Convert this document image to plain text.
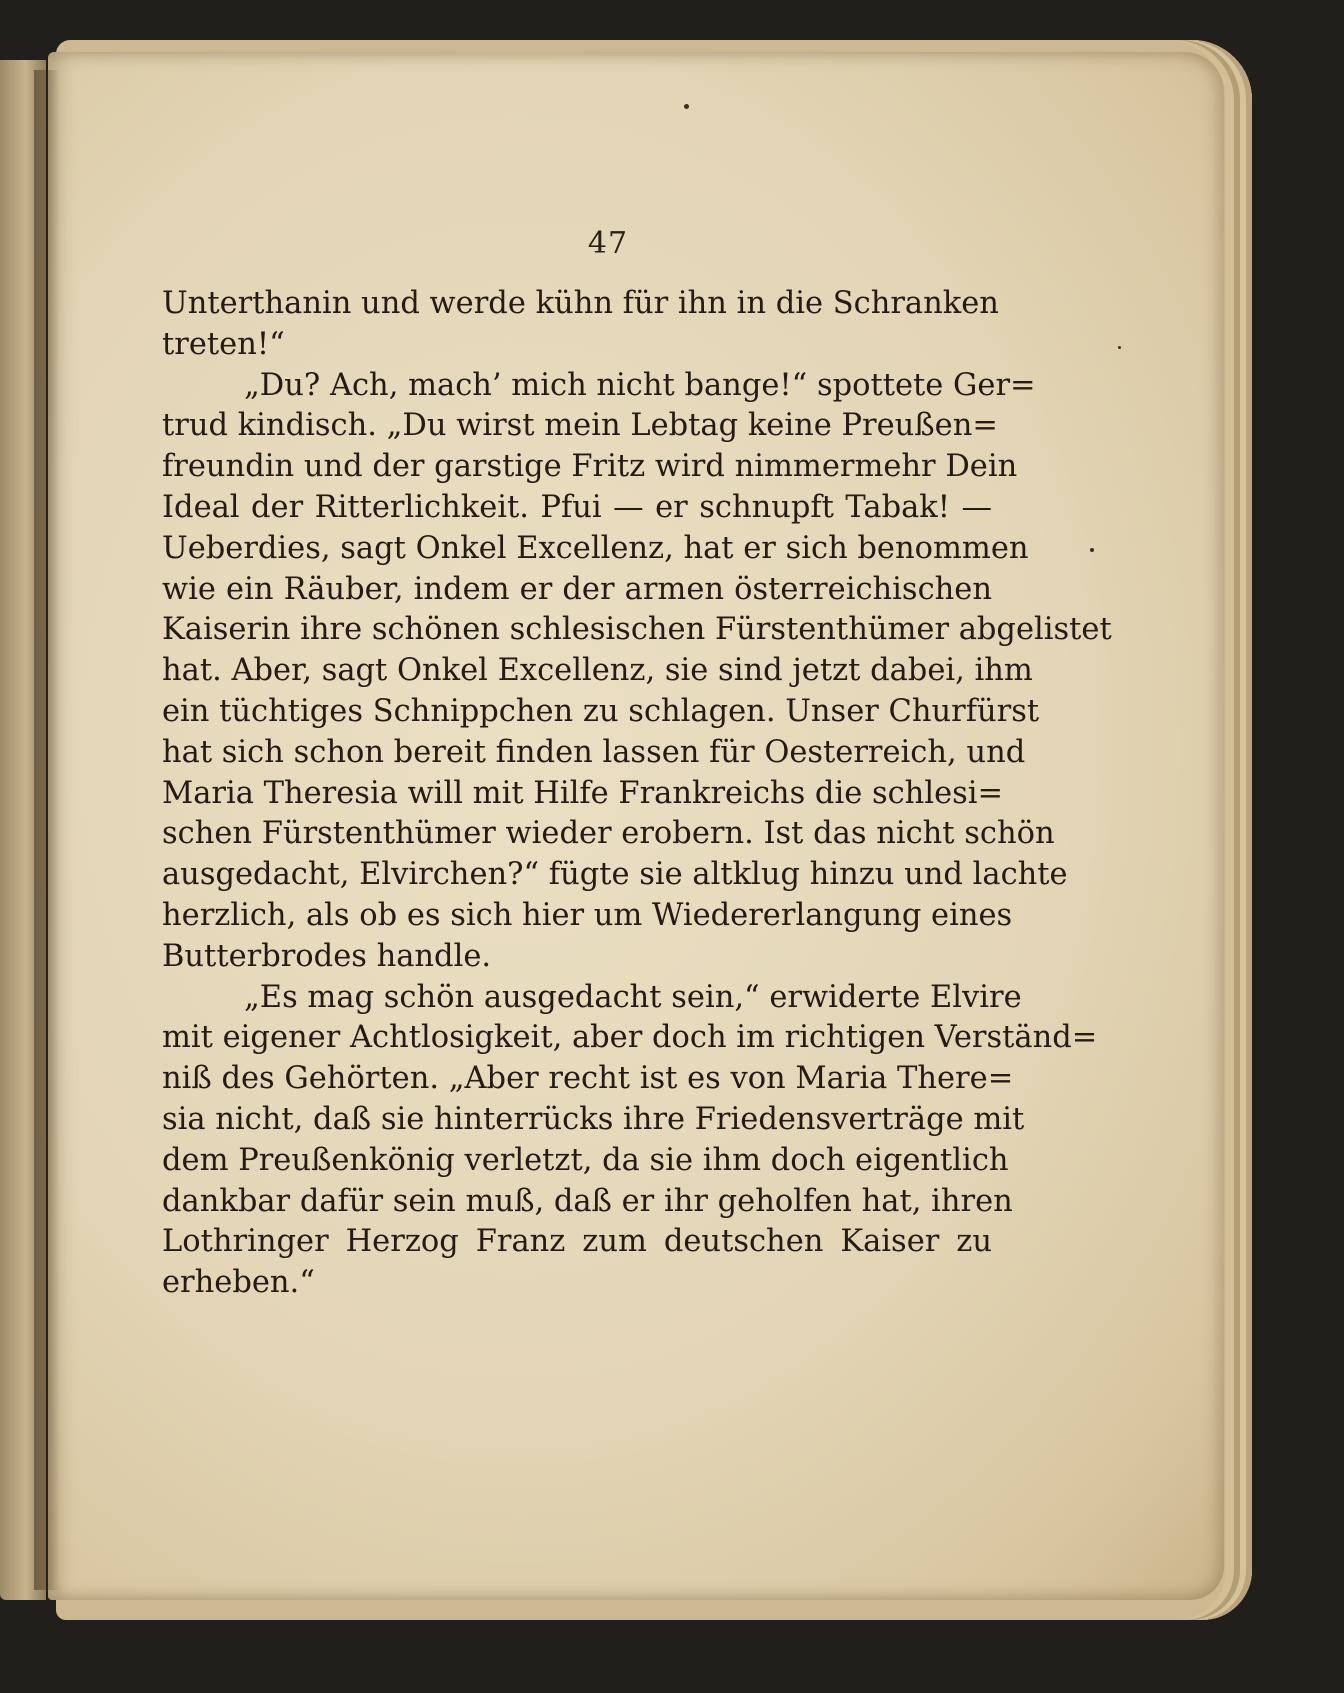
47
Unterthanin und werde kühn für ihn in die Schranken
treten!“
„Du? Ach, mach’ mich nicht bange!“ spottete Ger=
trud kindisch. „Du wirst mein Lebtag keine Preußen=
freundin und der garstige Fritz wird nimmermehr Dein
Ideal der Ritterlichkeit. Pfui — er schnupft Tabak! —
Ueberdies, sagt Onkel Excellenz, hat er sich benommen
wie ein Räuber, indem er der armen österreichischen
Kaiserin ihre schönen schlesischen Fürstenthümer abgelistet
hat. Aber, sagt Onkel Excellenz, sie sind jetzt dabei, ihm
ein tüchtiges Schnippchen zu schlagen. Unser Churfürst
hat sich schon bereit finden lassen für Oesterreich, und
Maria Theresia will mit Hilfe Frankreichs die schlesi=
schen Fürstenthümer wieder erobern. Ist das nicht schön
ausgedacht, Elvirchen?“ fügte sie altklug hinzu und lachte
herzlich, als ob es sich hier um Wiedererlangung eines
Butterbrodes handle.
„Es mag schön ausgedacht sein,“ erwiderte Elvire
mit eigener Achtlosigkeit, aber doch im richtigen Verständ=
niß des Gehörten. „Aber recht ist es von Maria There=
sia nicht, daß sie hinterrücks ihre Friedensverträge mit
dem Preußenkönig verletzt, da sie ihm doch eigentlich
dankbar dafür sein muß, daß er ihr geholfen hat, ihren
Lothringer Herzog Franz zum deutschen Kaiser zu
erheben.“
